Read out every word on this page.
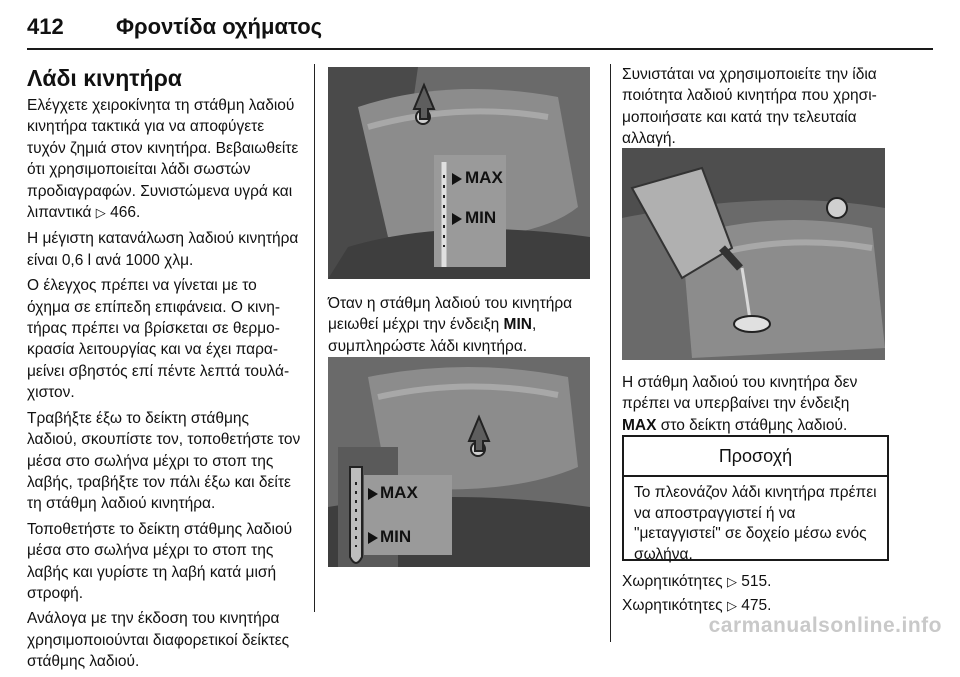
412 Φροντίδα οχήματος
Λάδι κινητήρα

Ελέγχετε χειροκίνητα τη στάθμη λαδιού κινητήρα τακτικά για να αποφύγετε τυχόν ζημιά στον κινητήρα. Βεβαιωθείτε ότι χρησιμοποιείται λάδι σωστών προδιαγραφών. Συνιστώμενα υγρά και λιπαντικά ▷ 466.

Η μέγιστη κατανάλωση λαδιού κινητήρα είναι 0,6 l ανά 1000 χλμ.

Ο έλεγχος πρέπει να γίνεται με το όχημα σε επίπεδη επιφάνεια. Ο κινητήρας πρέπει να βρίσκεται σε θερμοκρασία λειτουργίας και να έχει παραμείνει σβηστός επί πέντε λεπτά τουλάχιστον.

Τραβήξτε έξω το δείκτη στάθμης λαδιού, σκουπίστε τον, τοποθετήστε τον μέσα στο σωλήνα μέχρι το στοπ της λαβής, τραβήξτε τον πάλι έξω και δείτε τη στάθμη λαδιού κινητήρα.

Τοποθετήστε το δείκτη στάθμης λαδιού μέσα στο σωλήνα μέχρι το στοπ της λαβής και γυρίστε τη λαβή κατά μισή στροφή.

Ανάλογα με την έκδοση του κινητήρα χρησιμοποιούνται διαφορετικοί δείκτες στάθμης λαδιού.

MAX
MIN

Όταν η στάθμη λαδιού του κινητήρα μειωθεί μέχρι την ένδειξη MIN, συμπληρώστε λάδι κινητήρα.

MAX
MIN

Συνιστάται να χρησιμοποιείτε την ίδια ποιότητα λαδιού κινητήρα που χρησιμοποιήσατε και κατά την τελευταία αλλαγή.

Η στάθμη λαδιού του κινητήρα δεν πρέπει να υπερβαίνει την ένδειξη MAX στο δείκτη στάθμης λαδιού.

Προσοχή
Το πλεονάζον λάδι κινητήρα πρέπει να αποστραγγιστεί ή να "μεταγγιστεί" σε δοχείο μέσω ενός σωλήνα.

Χωρητικότητες ▷ 515.

Χωρητικότητες ▷ 475.

carmanualsonline.info
